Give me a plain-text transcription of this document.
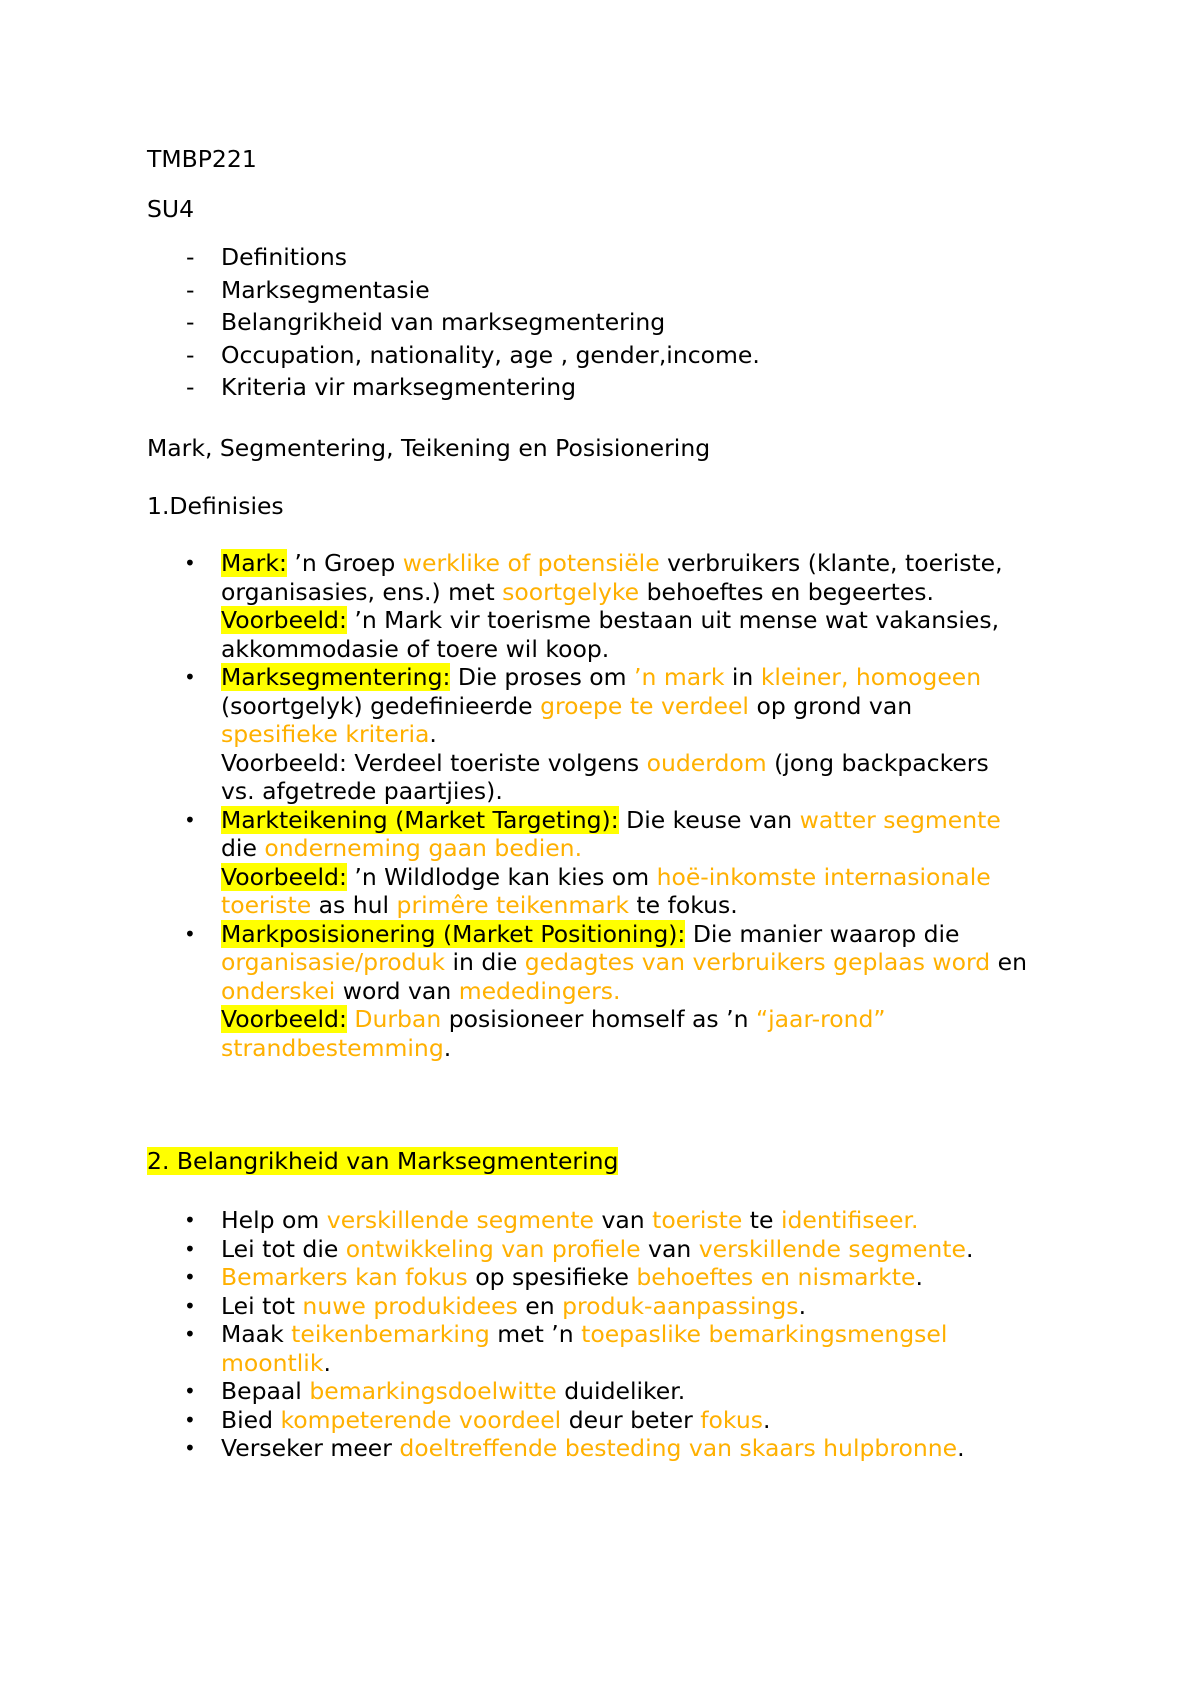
TMBP221

SU4

- Definitions
- Marksegmentasie
- Belangrikheid van marksegmentering
- Occupation, nationality, age , gender,income.
- Kriteria vir marksegmentering

Mark, Segmentering, Teikening en Posisionering

1.Definisies

• Mark: ’n Groep werklike of potensiële verbruikers (klante, toeriste,
organisasies, ens.) met soortgelyke behoeftes en begeertes.
Voorbeeld: ’n Mark vir toerisme bestaan uit mense wat vakansies,
akkommodasie of toere wil koop.
• Marksegmentering: Die proses om ’n mark in kleiner, homogeen
(soortgelyk) gedefinieerde groepe te verdeel op grond van
spesifieke kriteria.
Voorbeeld: Verdeel toeriste volgens ouderdom (jong backpackers
vs. afgetrede paartjies).
• Markteikening (Market Targeting): Die keuse van watter segmente
die onderneming gaan bedien.
Voorbeeld: ’n Wildlodge kan kies om hoë-inkomste internasionale
toeriste as hul primêre teikenmark te fokus.
• Markposisionering (Market Positioning): Die manier waarop die
organisasie/produk in die gedagtes van verbruikers geplaas word en
onderskei word van mededingers.
Voorbeeld: Durban posisioneer homself as ’n “jaar-rond”
strandbestemming.

2. Belangrikheid van Marksegmentering

• Help om verskillende segmente van toeriste te identifiseer.
• Lei tot die ontwikkeling van profiele van verskillende segmente.
• Bemarkers kan fokus op spesifieke behoeftes en nismarkte.
• Lei tot nuwe produkidees en produk-aanpassings.
• Maak teikenbemarking met ’n toepaslike bemarkingsmengsel
moontlik.
• Bepaal bemarkingsdoelwitte duideliker.
• Bied kompeterende voordeel deur beter fokus.
• Verseker meer doeltreffende besteding van skaars hulpbronne.
